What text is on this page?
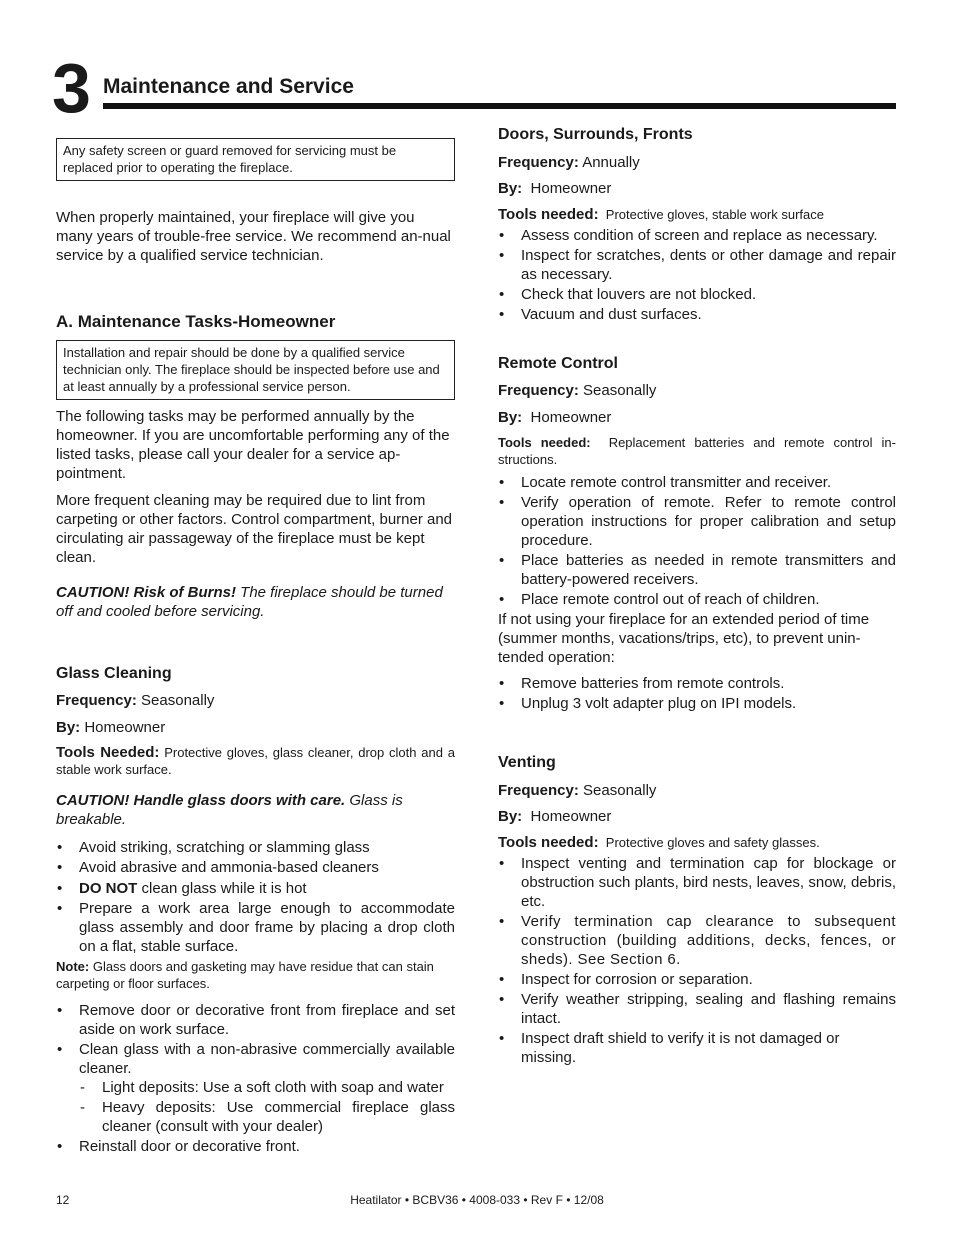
3 Maintenance and Service
Any safety screen or guard removed for servicing must be replaced prior to operating the fireplace.

When properly maintained, your fireplace will give you many years of trouble-free service. We recommend an-nual service by a qualified service technician.

A. Maintenance Tasks-Homeowner
Installation and repair should be done by a qualified service technician only. The fireplace should be inspected before use and at least annually by a professional service person.

The following tasks may be performed annually by the homeowner. If you are uncomfortable performing any of the listed tasks, please call your dealer for a service ap-pointment.

More frequent cleaning may be required due to lint from carpeting or other factors. Control compartment, burner and circulating air passageway of the fireplace must be kept clean.

CAUTION! Risk of Burns! The fireplace should be turned off and cooled before servicing.

Glass Cleaning

Frequency: Seasonally

By: Homeowner

Tools Needed: Protective gloves, glass cleaner, drop cloth and a stable work surface.

CAUTION! Handle glass doors with care. Glass is breakable.

• Avoid striking, scratching or slamming glass
• Avoid abrasive and ammonia-based cleaners
• DO NOT clean glass while it is hot
• Prepare a work area large enough to accommodate glass assembly and door frame by placing a drop cloth on a flat, stable surface.

Note: Glass doors and gasketing may have residue that can stain carpeting or floor surfaces.

• Remove door or decorative front from fireplace and set aside on work surface.
• Clean glass with a non-abrasive commercially available cleaner.
- Light deposits: Use a soft cloth with soap and water
- Heavy deposits: Use commercial fireplace glass cleaner (consult with your dealer)
• Reinstall door or decorative front.
Doors, Surrounds, Fronts

Frequency: Annually

By: Homeowner

Tools needed: Protective gloves, stable work surface

• Assess condition of screen and replace as necessary.
• Inspect for scratches, dents or other damage and repair as necessary.
• Check that louvers are not blocked.
• Vacuum and dust surfaces.
Remote Control

Frequency: Seasonally

By: Homeowner

Tools needed: Replacement batteries and remote control in-structions.

• Locate remote control transmitter and receiver.
• Verify operation of remote. Refer to remote control operation instructions for proper calibration and setup procedure.
• Place batteries as needed in remote transmitters and battery-powered receivers.
• Place remote control out of reach of children.

If not using your fireplace for an extended period of time (summer months, vacations/trips, etc), to prevent unin-tended operation:

• Remove batteries from remote controls.
• Unplug 3 volt adapter plug on IPI models.
Venting

Frequency: Seasonally

By: Homeowner

Tools needed: Protective gloves and safety glasses.

• Inspect venting and termination cap for blockage or obstruction such plants, bird nests, leaves, snow, debris, etc.
• Verify termination cap clearance to subsequent construction (building additions, decks, fences, or sheds). See Section 6.
• Inspect for corrosion or separation.
• Verify weather stripping, sealing and flashing remains intact.
• Inspect draft shield to verify it is not damaged or missing.
Heatilator • BCBV36 • 4008-033 • Rev F • 12/08
12
